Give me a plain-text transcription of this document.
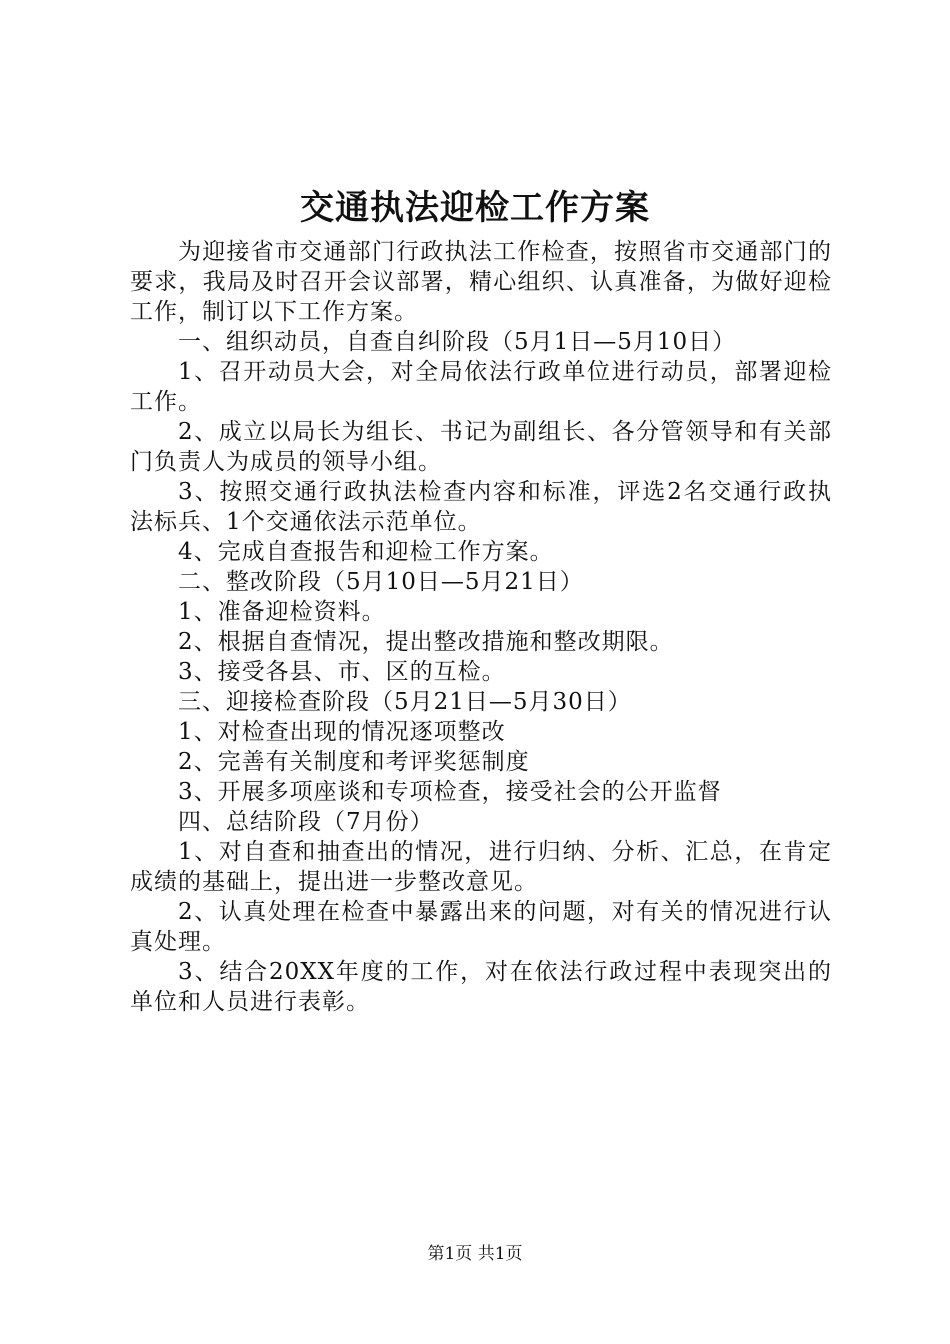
交通执法迎检工作方案

为迎接省市交通部门行政执法工作检查，按照省市交通部门的要求，我局及时召开会议部署，精心组织、认真准备，为做好迎检工作，制订以下工作方案。

一、组织动员，自查自纠阶段（5月1日—5月10日）

1、召开动员大会，对全局依法行政单位进行动员，部署迎检工作。

2、成立以局长为组长、书记为副组长、各分管领导和有关部门负责人为成员的领导小组。

3、按照交通行政执法检查内容和标准，评选2名交通行政执法标兵、1个交通依法示范单位。

4、完成自查报告和迎检工作方案。

二、整改阶段（5月10日—5月21日）

1、准备迎检资料。

2、根据自查情况，提出整改措施和整改期限。

3、接受各县、市、区的互检。

三、迎接检查阶段（5月21日—5月30日）

1、对检查出现的情况逐项整改

2、完善有关制度和考评奖惩制度

3、开展多项座谈和专项检查，接受社会的公开监督

四、总结阶段（7月份）

1、对自查和抽查出的情况，进行归纳、分析、汇总，在肯定成绩的基础上，提出进一步整改意见。

2、认真处理在检查中暴露出来的问题，对有关的情况进行认真处理。

3、结合20XX年度的工作，对在依法行政过程中表现突出的单位和人员进行表彰。

第1页 共1页
